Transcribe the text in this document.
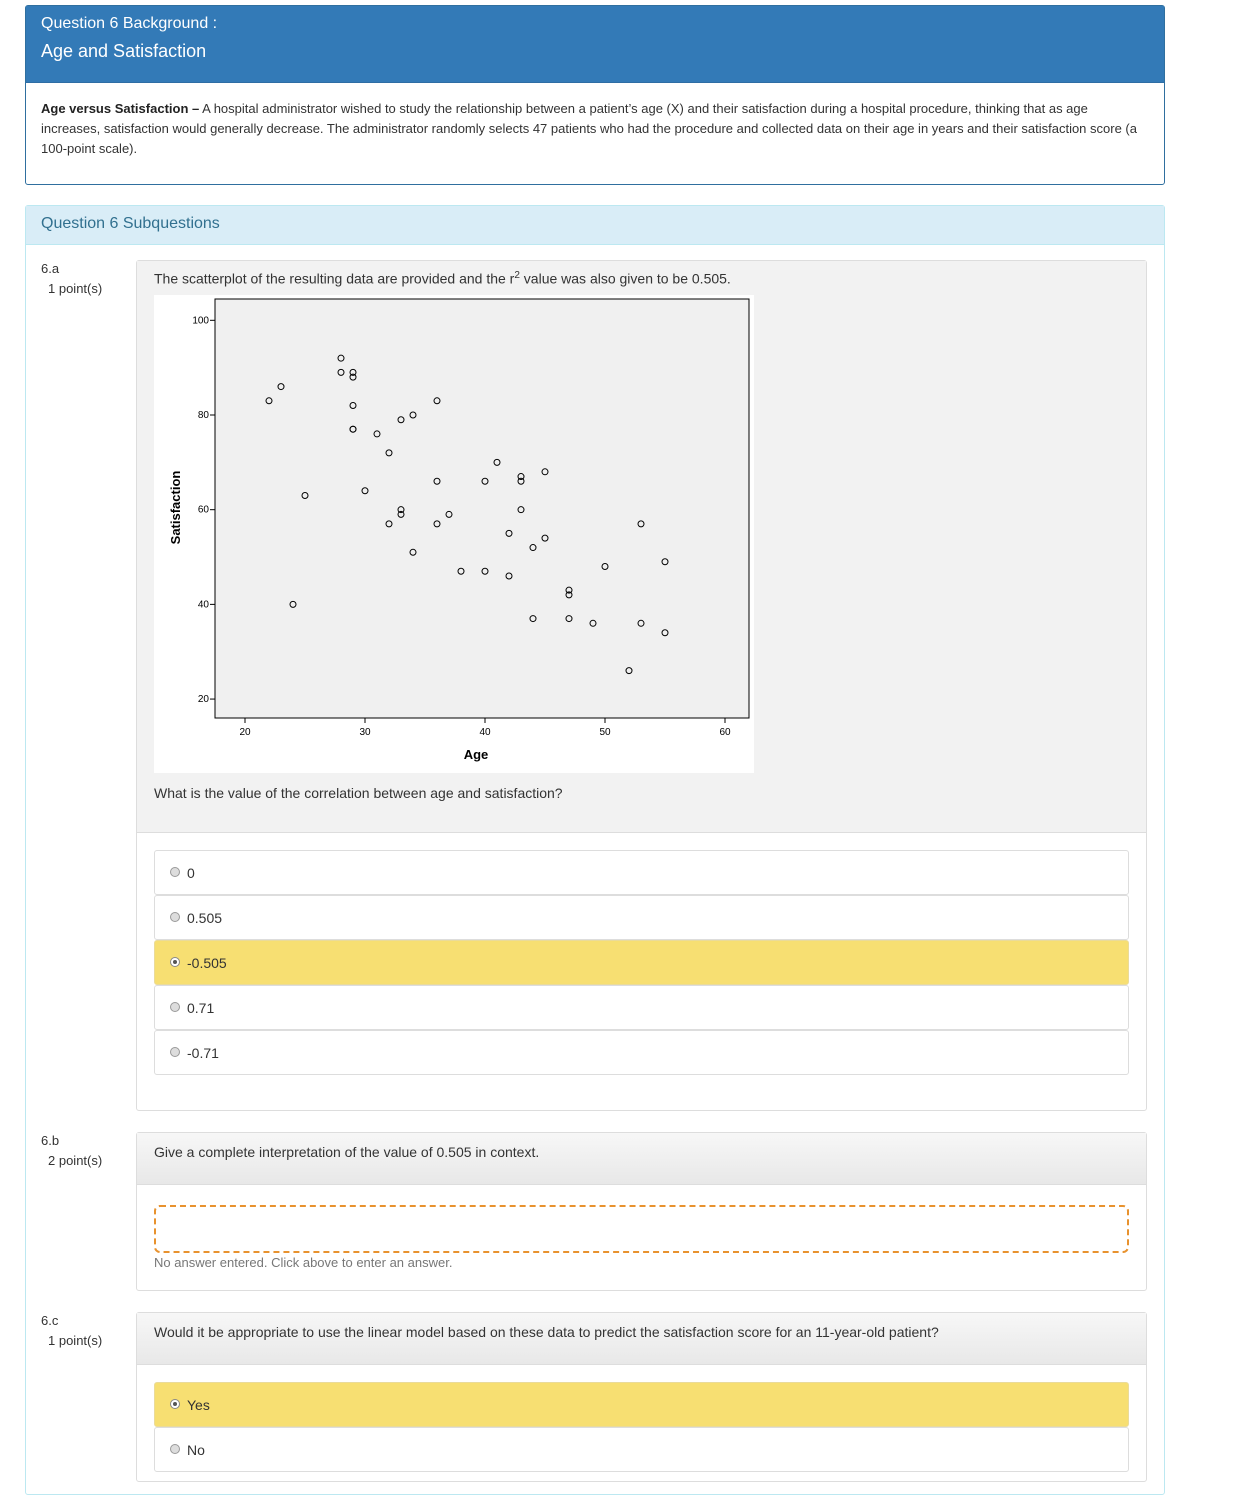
Question 6 Background :
Age and Satisfaction
Age versus Satisfaction – A hospital administrator wished to study the relationship between a patient’s age (X) and their satisfaction during a hospital procedure, thinking that as age increases, satisfaction would generally decrease. The administrator randomly selects 47 patients who had the procedure and collected data on their age in years and their satisfaction score (a 100-point scale).
Question 6 Subquestions
6.a
1 point(s)
The scatterplot of the resulting data are provided and the $r^2$ value was also given to be 0.505.
20	30	40	50	60
20
40
60
80
100
Age
Satisfaction
What is the value of the correlation between age and satisfaction?
0
0.505
-0.505
0.71
-0.71
6.b
2 point(s)
Give a complete interpretation of the value of 0.505 in context.
No answer entered. Click above to enter an answer.
6.c
1 point(s)
Would it be appropriate to use the linear model based on these data to predict the satisfaction score for an 11-year-old patient?
Yes
No
